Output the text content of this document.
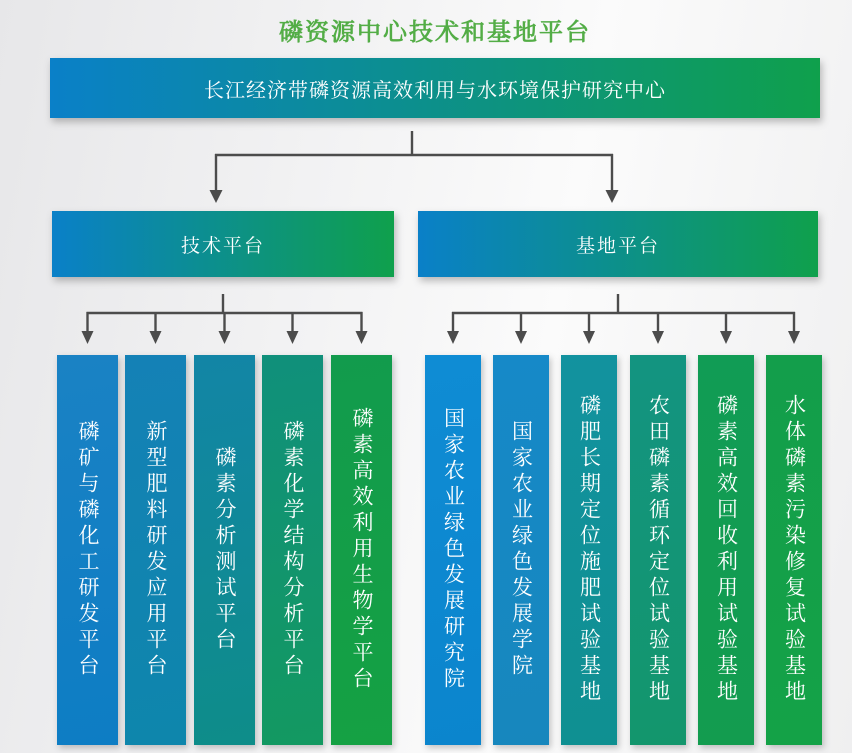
磷资源中心技术和基地平台
长江经济带磷资源高效利用与水环境保护研究中心
技术平台	基地平台
磷矿与磷化工研发平台 新型肥料研发应用平台 磷素分析测试平台 磷素化学结构分析平台 磷素高效利用生物学平台	国家农业绿色发展研究院 国家农业绿色发展学院 磷肥长期定位施肥试验基地 农田磷素循环定位试验基地 磷素高效回收利用试验基地 水体磷素污染修复试验基地
